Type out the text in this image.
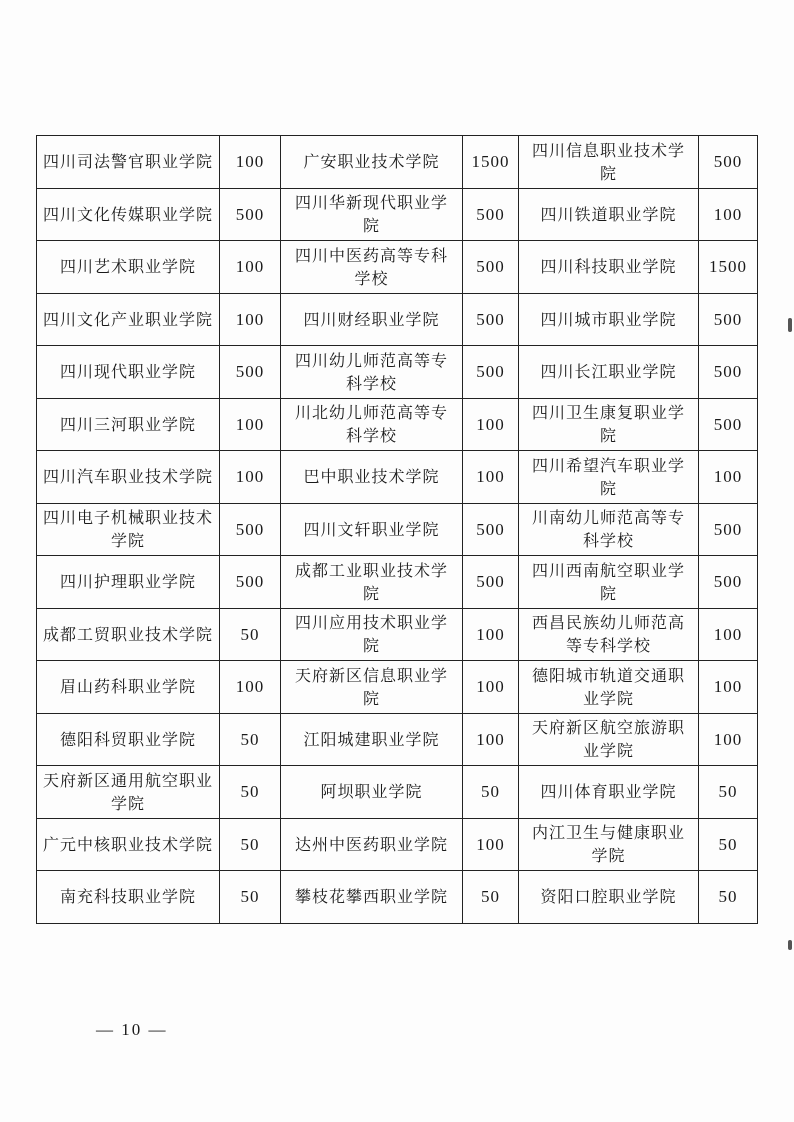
四川司法警官职业学院	100	广安职业技术学院	1500	四川信息职业技术学院	500
四川文化传媒职业学院	500	四川华新现代职业学院	500	四川铁道职业学院	100
四川艺术职业学院	100	四川中医药高等专科学校	500	四川科技职业学院	1500
四川文化产业职业学院	100	四川财经职业学院	500	四川城市职业学院	500
四川现代职业学院	500	四川幼儿师范高等专科学校	500	四川长江职业学院	500
四川三河职业学院	100	川北幼儿师范高等专科学校	100	四川卫生康复职业学院	500
四川汽车职业技术学院	100	巴中职业技术学院	100	四川希望汽车职业学院	100
四川电子机械职业技术学院	500	四川文轩职业学院	500	川南幼儿师范高等专科学校	500
四川护理职业学院	500	成都工业职业技术学院	500	四川西南航空职业学院	500
成都工贸职业技术学院	50	四川应用技术职业学院	100	西昌民族幼儿师范高等专科学校	100
眉山药科职业学院	100	天府新区信息职业学院	100	德阳城市轨道交通职业学院	100
德阳科贸职业学院	50	江阳城建职业学院	100	天府新区航空旅游职业学院	100
天府新区通用航空职业学院	50	阿坝职业学院	50	四川体育职业学院	50
广元中核职业技术学院	50	达州中医药职业学院	100	内江卫生与健康职业学院	50
南充科技职业学院	50	攀枝花攀西职业学院	50	资阳口腔职业学院	50
— 10 —
